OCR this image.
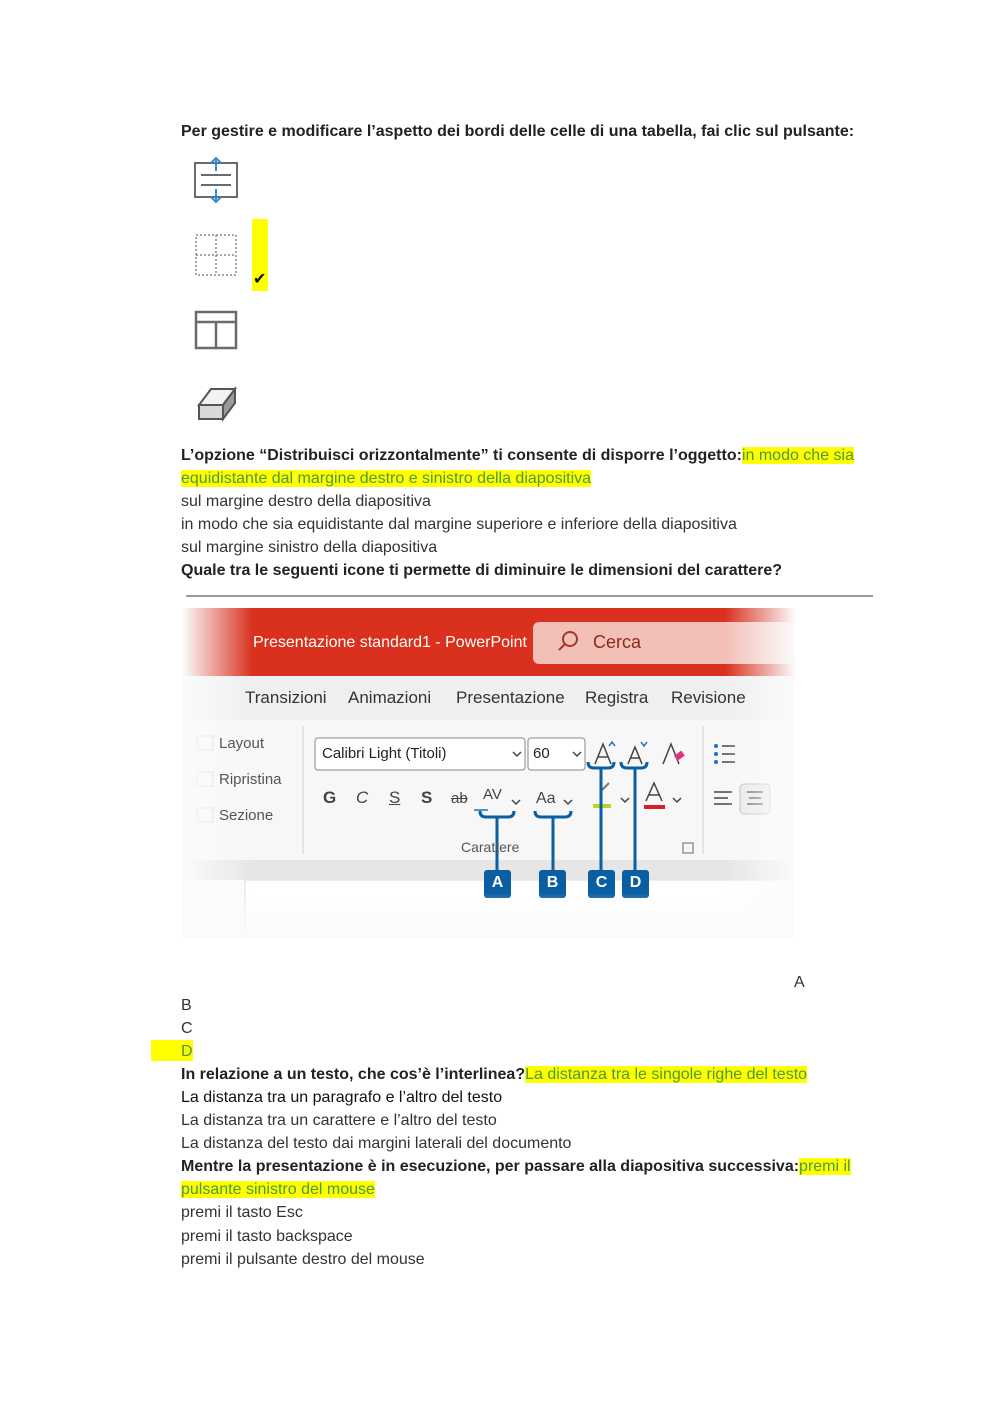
Per gestire e modificare l’aspetto dei bordi delle celle di una tabella, fai clic sul pulsante:
✔
L’opzione “Distribuisci orizzontalmente” ti consente di disporre l’oggetto:in modo che sia
equidistante dal margine destro e sinistro della diapositiva
sul margine destro della diapositiva
in modo che sia equidistante dal margine superiore e inferiore della diapositiva
sul margine sinistro della diapositiva
Quale tra le seguenti icone ti permette di diminuire le dimensioni del carattere?
Presentazione standard1 - PowerPoint	Cerca
Transizioni Animazioni Presentazione Registra Revisione
Layout
Ripristina
Sezione
Calibri Light (Titoli)	60
G C S S ab AV Aa
Carattere
A	B	C	D
A
B
C
D
In relazione a un testo, che cos’è l’interlinea?La distanza tra le singole righe del testo
La distanza tra un paragrafo e l’altro del testo
La distanza tra un carattere e l’altro del testo
La distanza del testo dai margini laterali del documento
Mentre la presentazione è in esecuzione, per passare alla diapositiva successiva:premi il
pulsante sinistro del mouse
premi il tasto Esc
premi il tasto backspace
premi il pulsante destro del mouse
